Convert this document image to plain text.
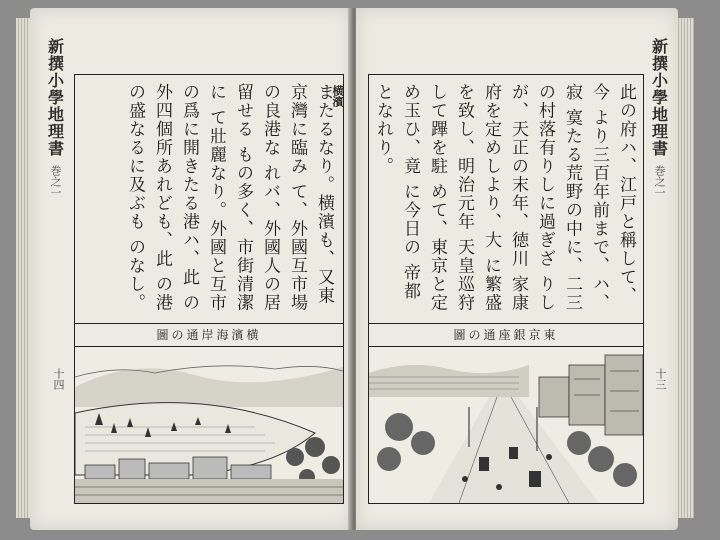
新撰小學地理書
巻之一
横濱
またるなり。横濱も、又東京灣に臨み て、外國互市場の良港な れバ、外國人の居留せる もの多く、市街清潔に て壯麗なり。外國と互市 の爲に開きたる港ハ、此 の外四個所あれども、此 の港の盛なるに及ぶも のなし。
圖の通岸海濱横
十四
此の府ハ、江戸と稱して、今 より三百年前まで、ハ、寂 寞たる荒野の中に、二三 の村落有りしに過ぎざ りしが、天正の末年、徳川 家康府を定めしより、大 に繁盛を致し、明治元年 天皇巡狩して蹕を駐 めて、東京と定め玉ひ、竟 に今日の 帝都となれり。
圖の通座銀京東
新撰小學地理書
巻之一
十三
